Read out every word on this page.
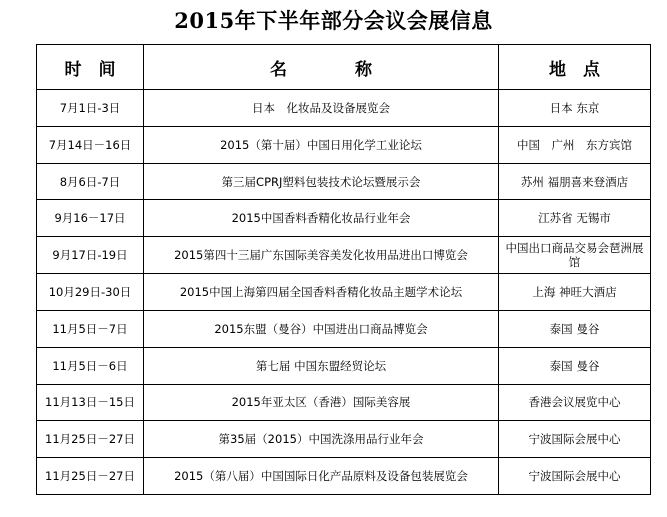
2015年下半年部分会议会展信息
时　间	名　　　　称	地　点
7月1日-3日	日本　化妆品及设备展览会	日本 东京
7月14日－16日	2015（第十届）中国日用化学工业论坛	中国　广州　东方宾馆
8月6日-7日	第三届CPRJ塑料包装技术论坛暨展示会	苏州 福朋喜来登酒店
9月16－17日	2015中国香料香精化妆品行业年会	江苏省 无锡市
9月17日-19日	2015第四十三届广东国际美容美发化妆用品进出口博览会	中国出口商品交易会琶洲展馆
10月29日-30日	2015中国上海第四届全国香料香精化妆品主题学术论坛	上海 神旺大酒店
11月5日－7日	2015东盟（曼谷）中国进出口商品博览会	泰国 曼谷
11月5日－6日	第七届 中国东盟经贸论坛	泰国 曼谷
11月13日－15日	2015年亚太区（香港）国际美容展	香港会议展览中心
11月25日－27日	第35届（2015）中国洗涤用品行业年会	宁波国际会展中心
11月25日－27日	2015（第八届）中国国际日化产品原料及设备包装展览会	宁波国际会展中心
